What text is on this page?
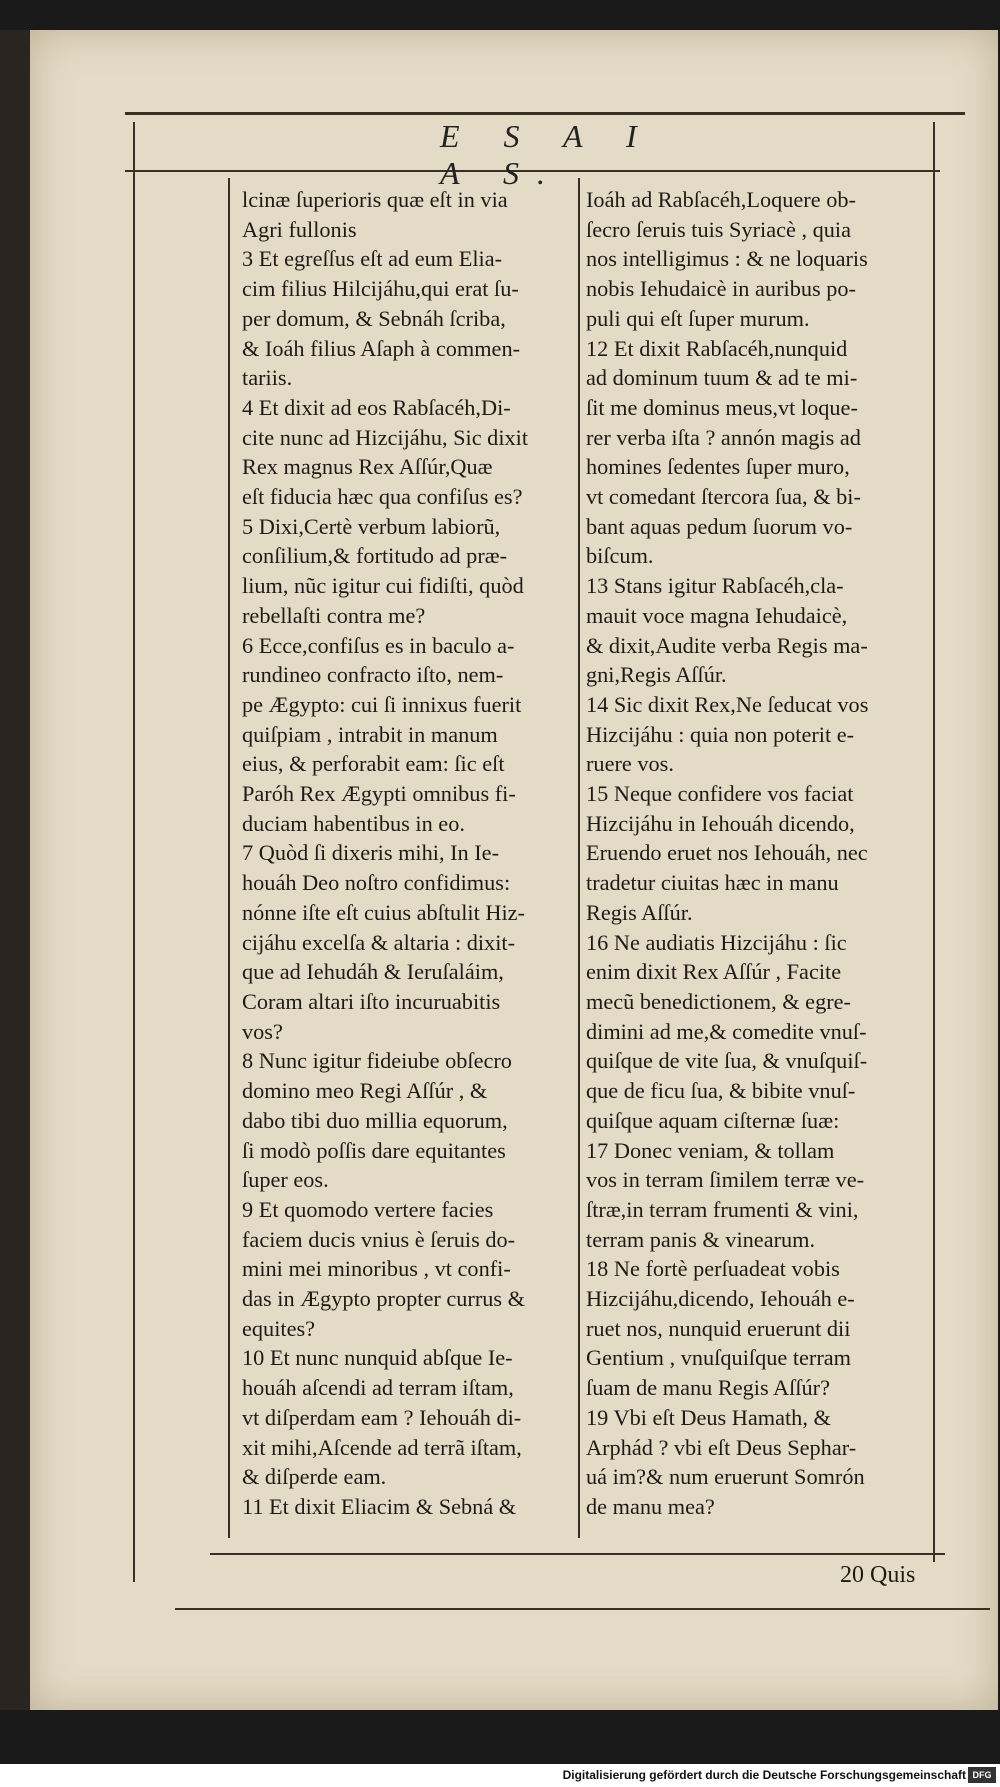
E S A I A S.

lcinæ ſuperioris quæ eſt in via

Agri fullonis

3 Et egreſſus eſt ad eum Elia-

cim filius Hilcijáhu,qui erat ſu-

per domum, & Sebnáh ſcriba,

& Ioáh filius Aſaph à commen-

tariis.

4 Et dixit ad eos Rabſacéh,Di-

cite nunc ad Hizcijáhu, Sic dixit

Rex magnus Rex Aſſúr,Quæ

eſt fiducia hæc qua confiſus es?

5 Dixi,Certè verbum labiorũ,

conſilium,& fortitudo ad præ-

lium, nũc igitur cui fidiſti, quòd

rebellaſti contra me?

6 Ecce,confiſus es in baculo a-

rundineo confracto iſto, nem-

pe Ægypto: cui ſi innixus fuerit

quiſpiam , intrabit in manum

eius, & perforabit eam: ſic eſt

Paróh Rex Ægypti omnibus fi-

duciam habentibus in eo.

7 Quòd ſi dixeris mihi, In Ie-

houáh Deo noſtro confidimus:

nónne iſte eſt cuius abſtulit Hiz-

cijáhu excelſa & altaria : dixit-

que ad Iehudáh & Ieruſaláim,

Coram altari iſto incuruabitis

vos?

8 Nunc igitur fideiube obſecro

domino meo Regi Aſſúr , &

dabo tibi duo millia equorum,

ſi modò poſſis dare equitantes

ſuper eos.

9 Et quomodo vertere facies

faciem ducis vnius è ſeruis do-

mini mei minoribus , vt confi-

das in Ægypto propter currus &

equites?

10 Et nunc nunquid abſque Ie-

houáh aſcendi ad terram iſtam,

vt diſperdam eam ? Iehouáh di-

xit mihi,Aſcende ad terrã iſtam,

& diſperde eam.

11 Et dixit Eliacim & Sebná &

Ioáh ad Rabſacéh,Loquere ob-

ſecro ſeruis tuis Syriacè , quia

nos intelligimus : & ne loquaris

nobis Iehudaicè in auribus po-

puli qui eſt ſuper murum.

12 Et dixit Rabſacéh,nunquid

ad dominum tuum & ad te mi-

ſit me dominus meus,vt loque-

rer verba iſta ? annón magis ad

homines ſedentes ſuper muro,

vt comedant ſtercora ſua, & bi-

bant aquas pedum ſuorum vo-

biſcum.

13 Stans igitur Rabſacéh,cla-

mauit voce magna Iehudaicè,

& dixit,Audite verba Regis ma-

gni,Regis Aſſúr.

14 Sic dixit Rex,Ne ſeducat vos

Hizcijáhu : quia non poterit e-

ruere vos.

15 Neque confidere vos faciat

Hizcijáhu in Iehouáh dicendo,

Eruendo eruet nos Iehouáh, nec

tradetur ciuitas hæc in manu

Regis Aſſúr.

16 Ne audiatis Hizcijáhu : ſic

enim dixit Rex Aſſúr , Facite

mecũ benedictionem, & egre-

dimini ad me,& comedite vnuſ-

quiſque de vite ſua, & vnuſquiſ-

que de ficu ſua, & bibite vnuſ-

quiſque aquam ciſternæ ſuæ:

17 Donec veniam, & tollam

vos in terram ſimilem terræ ve-

ſtræ,in terram frumenti & vini,

terram panis & vinearum.

18 Ne fortè perſuadeat vobis

Hizcijáhu,dicendo, Iehouáh e-

ruet nos, nunquid eruerunt dii

Gentium , vnuſquiſque terram

ſuam de manu Regis Aſſúr?

19 Vbi eſt Deus Hamath, &

Arphád ? vbi eſt Deus Sephar-

uá im?& num eruerunt Somrón

de manu mea?

20 Quis
Digitalisierung gefördert durch die Deutsche Forschungsgemeinschaft DFG
